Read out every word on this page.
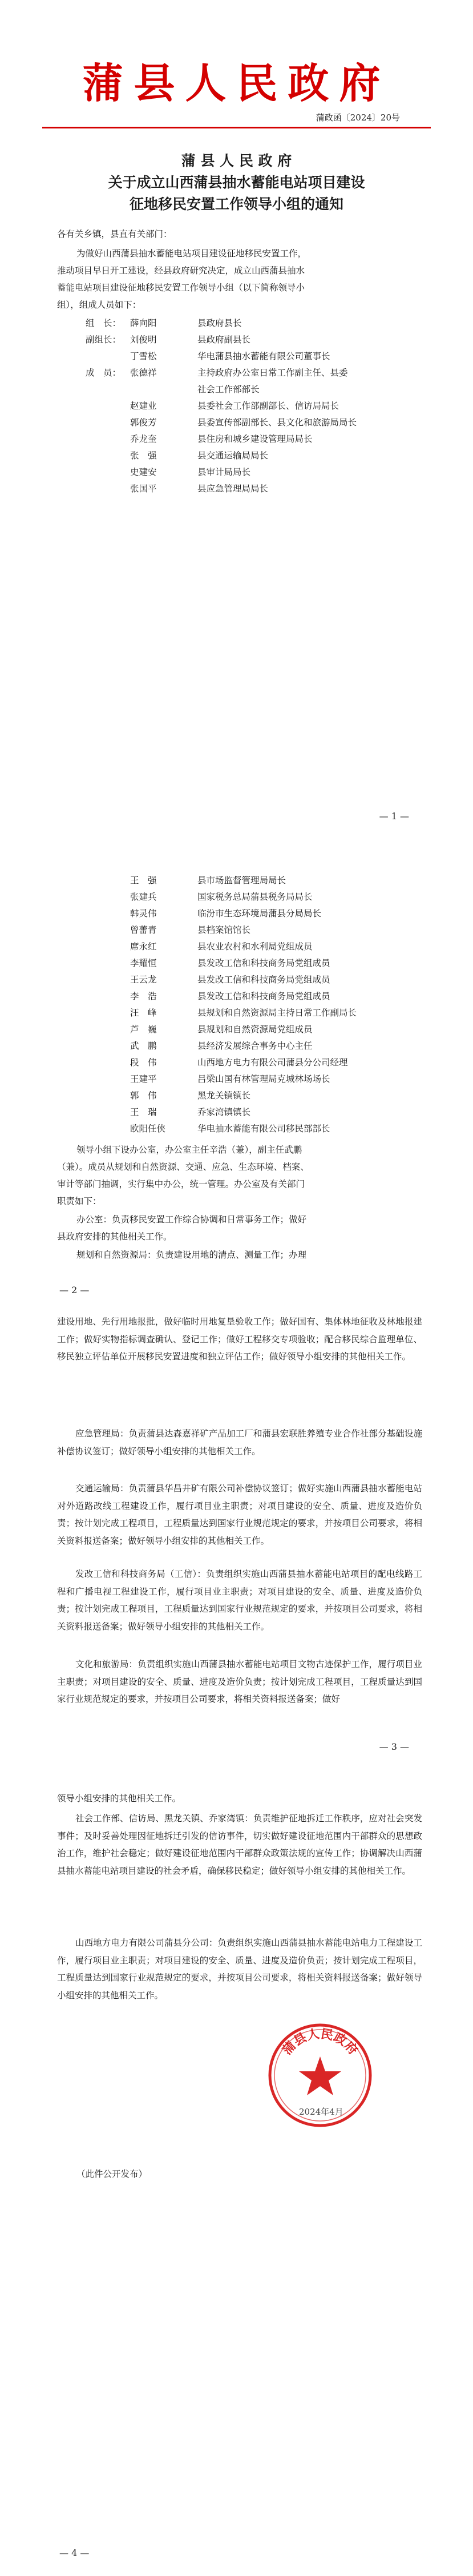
蒲县人民政府
蒲政函〔2024〕20号
蒲 县 人 民 政 府
关于成立山西蒲县抽水蓄能电站项目建设
征地移民安置工作领导小组的通知
各有关乡镇，县直有关部门：
为做好山西蒲县抽水蓄能电站项目建设征地移民安置工作，
推动项目早日开工建设，经县政府研究决定，成立山西蒲县抽水
蓄能电站项目建设征地移民安置工作领导小组（以下简称领导小
组），组成人员如下：
组　长：	薛向阳	县政府县长
副组长：	刘俊明	县政府副县长
丁雪松	华电蒲县抽水蓄能有限公司董事长
成　员：	张德祥	主持政府办公室日常工作副主任、县委
社会工作部部长
赵建业	县委社会工作部副部长、信访局局长
郭俊芳	县委宣传部副部长、县文化和旅游局局长
乔龙奎	县住房和城乡建设管理局局长
张　强	县交通运输局局长
史建安	县审计局局长
张国平	县应急管理局局长
— 1 —
王　强	县市场监督管理局局长
张建兵	国家税务总局蒲县税务局局长
韩灵伟	临汾市生态环境局蒲县分局局长
曾蕾青	县档案馆馆长
席永红	县农业农村和水利局党组成员
李耀恒	县发改工信和科技商务局党组成员
王云龙	县发改工信和科技商务局党组成员
李　浩	县发改工信和科技商务局党组成员
汪　峰	县规划和自然资源局主持日常工作副局长
芦　巍	县规划和自然资源局党组成员
武　鹏	县经济发展综合事务中心主任
段　伟	山西地方电力有限公司蒲县分公司经理
王建平	吕梁山国有林管理局克城林场场长
郭　伟	黑龙关镇镇长
王　瑞	乔家湾镇镇长
欧阳任侠	华电抽水蓄能有限公司移民部部长
领导小组下设办公室，办公室主任辛浩（兼），副主任武鹏
（兼）。成员从规划和自然资源、交通、应急、生态环境、档案、
审计等部门抽调，实行集中办公，统一管理。办公室及有关部门
职责如下：
办公室：负责移民安置工作综合协调和日常事务工作；做好
县政府安排的其他相关工作。
规划和自然资源局：负责建设用地的清点、测量工作；办理
— 2 —
建设用地、先行用地报批，做好临时用地复垦验收工作；做好国有、集体林地征收及林地报建工作；做好实物指标调查确认、登记工作；做好工程移交专项验收；配合移民综合监理单位、移民独立评估单位开展移民安置进度和独立评估工作；做好领导小组安排的其他相关工作。
应急管理局：负责蒲县达森嘉祥矿产品加工厂和蒲县宏联胜养殖专业合作社部分基础设施补偿协议签订；做好领导小组安排的其他相关工作。
交通运输局：负责蒲县华昌井矿有限公司补偿协议签订；做好实施山西蒲县抽水蓄能电站对外道路改线工程建设工作，履行项目业主职责；对项目建设的安全、质量、进度及造价负责；按计划完成工程项目，工程质量达到国家行业规范规定的要求，并按项目公司要求，将相关资料报送备案；做好领导小组安排的其他相关工作。
发改工信和科技商务局（工信）：负责组织实施山西蒲县抽水蓄能电站项目的配电线路工程和广播电视工程建设工作，履行项目业主职责；对项目建设的安全、质量、进度及造价负责；按计划完成工程项目，工程质量达到国家行业规范规定的要求，并按项目公司要求，将相关资料报送备案；做好领导小组安排的其他相关工作。
文化和旅游局：负责组织实施山西蒲县抽水蓄能电站项目文物古迹保护工作，履行项目业主职责；对项目建设的安全、质量、进度及造价负责；按计划完成工程项目，工程质量达到国家行业规范规定的要求，并按项目公司要求，将相关资料报送备案；做好
— 3 —
领导小组安排的其他相关工作。
社会工作部、信访局、黑龙关镇、乔家湾镇：负责维护征地拆迁工作秩序，应对社会突发事件；及时妥善处理因征地拆迁引发的信访事件，切实做好建设征地范围内干部群众的思想政治工作，维护社会稳定；做好建设征地范围内干部群众政策法规的宣传工作；协调解决山西蒲县抽水蓄能电站项目建设的社会矛盾，确保移民稳定；做好领导小组安排的其他相关工作。
山西地方电力有限公司蒲县分公司：负责组织实施山西蒲县抽水蓄能电站电力工程建设工作，履行项目业主职责；对项目建设的安全、质量、进度及造价负责；按计划完成工程项目，工程质量达到国家行业规范规定的要求，并按项目公司要求，将相关资料报送备案；做好领导小组安排的其他相关工作。
蒲县人民政府
2024年4月
（此件公开发布）
— 4 —
